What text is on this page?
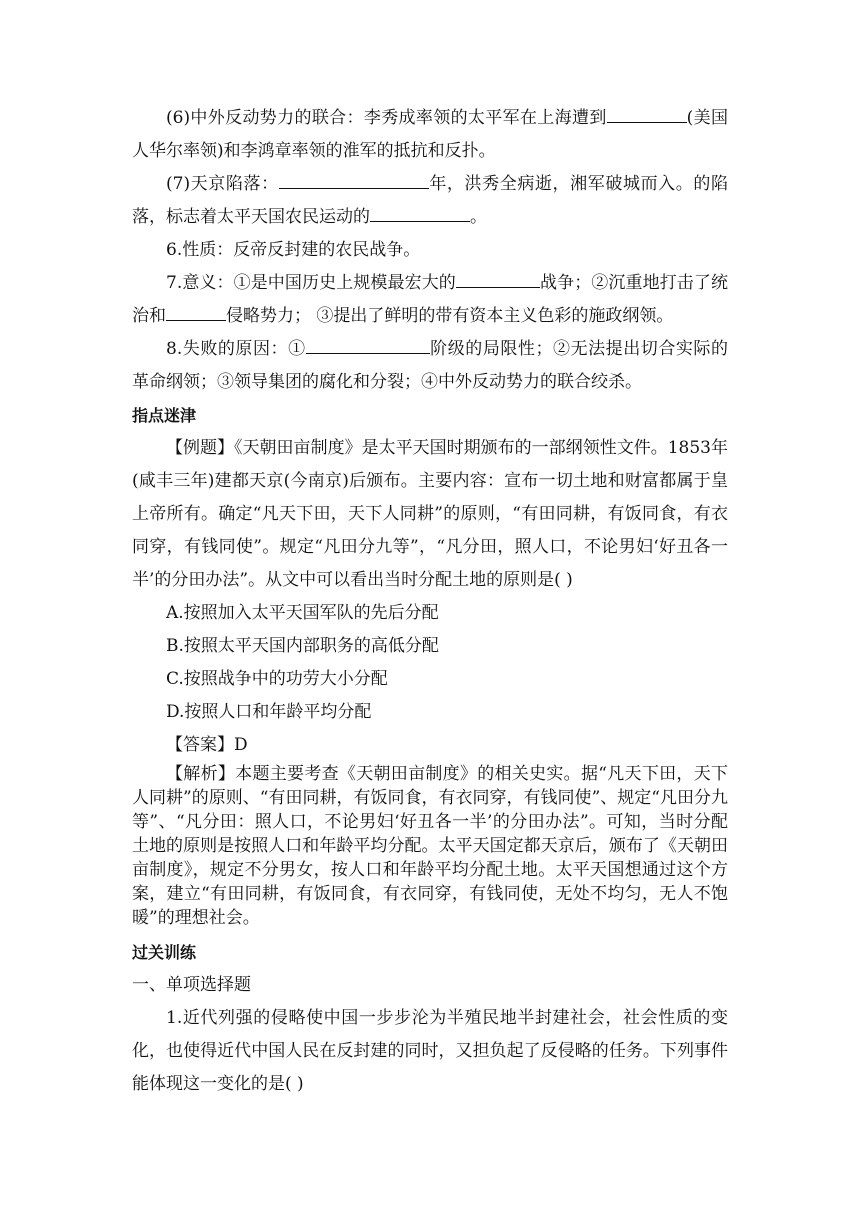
(6)中外反动势力的联合：李秀成率领的太平军在上海遭到	(美国人华尔率领)和李鸿章率领的淮军的抵抗和反扑。

(7)天京陷落：	年，洪秀全病逝，湘军破城而入。的陷落，标志着太平天国农民运动的	。

6.性质：反帝反封建的农民战争。

7.意义：①是中国历史上规模最宏大的	战争；②沉重地打击了统治和	侵略势力； ③提出了鲜明的带有资本主义色彩的施政纲领。

8.失败的原因：①	阶级的局限性；②无法提出切合实际的革命纲领；③领导集团的腐化和分裂；④中外反动势力的联合绞杀。

指点迷津

【例题】《天朝田亩制度》是太平天国时期颁布的一部纲领性文件。1853年(咸丰三年)建都天京(今南京)后颁布。主要内容：宣布一切土地和财富都属于皇上帝所有。确定“凡天下田，天下人同耕”的原则，“有田同耕，有饭同食，有衣同穿，有钱同使”。规定“凡田分九等”，“凡分田，照人口，不论男妇‘好丑各一半’的分田办法”。从文中可以看出当时分配土地的原则是( )

A.按照加入太平天国军队的先后分配

B.按照太平天国内部职务的高低分配

C.按照战争中的功劳大小分配

D.按照人口和年龄平均分配

【答案】D

【解析】本题主要考查《天朝田亩制度》的相关史实。据“凡天下田，天下人同耕”的原则、“有田同耕，有饭同食，有衣同穿，有钱同使”、规定“凡田分九等”、“凡分田：照人口，不论男妇‘好丑各一半’的分田办法”。可知，当时分配土地的原则是按照人口和年龄平均分配。太平天国定都天京后，颁布了《天朝田亩制度》，规定不分男女，按人口和年龄平均分配土地。太平天国想通过这个方案，建立“有田同耕，有饭同食，有衣同穿，有钱同使，无处不均匀，无人不饱暖”的理想社会。

过关训练

一、单项选择题

1.近代列强的侵略使中国一步步沦为半殖民地半封建社会，社会性质的变化，也使得近代中国人民在反封建的同时，又担负起了反侵略的任务。下列事件能体现这一变化的是( )
